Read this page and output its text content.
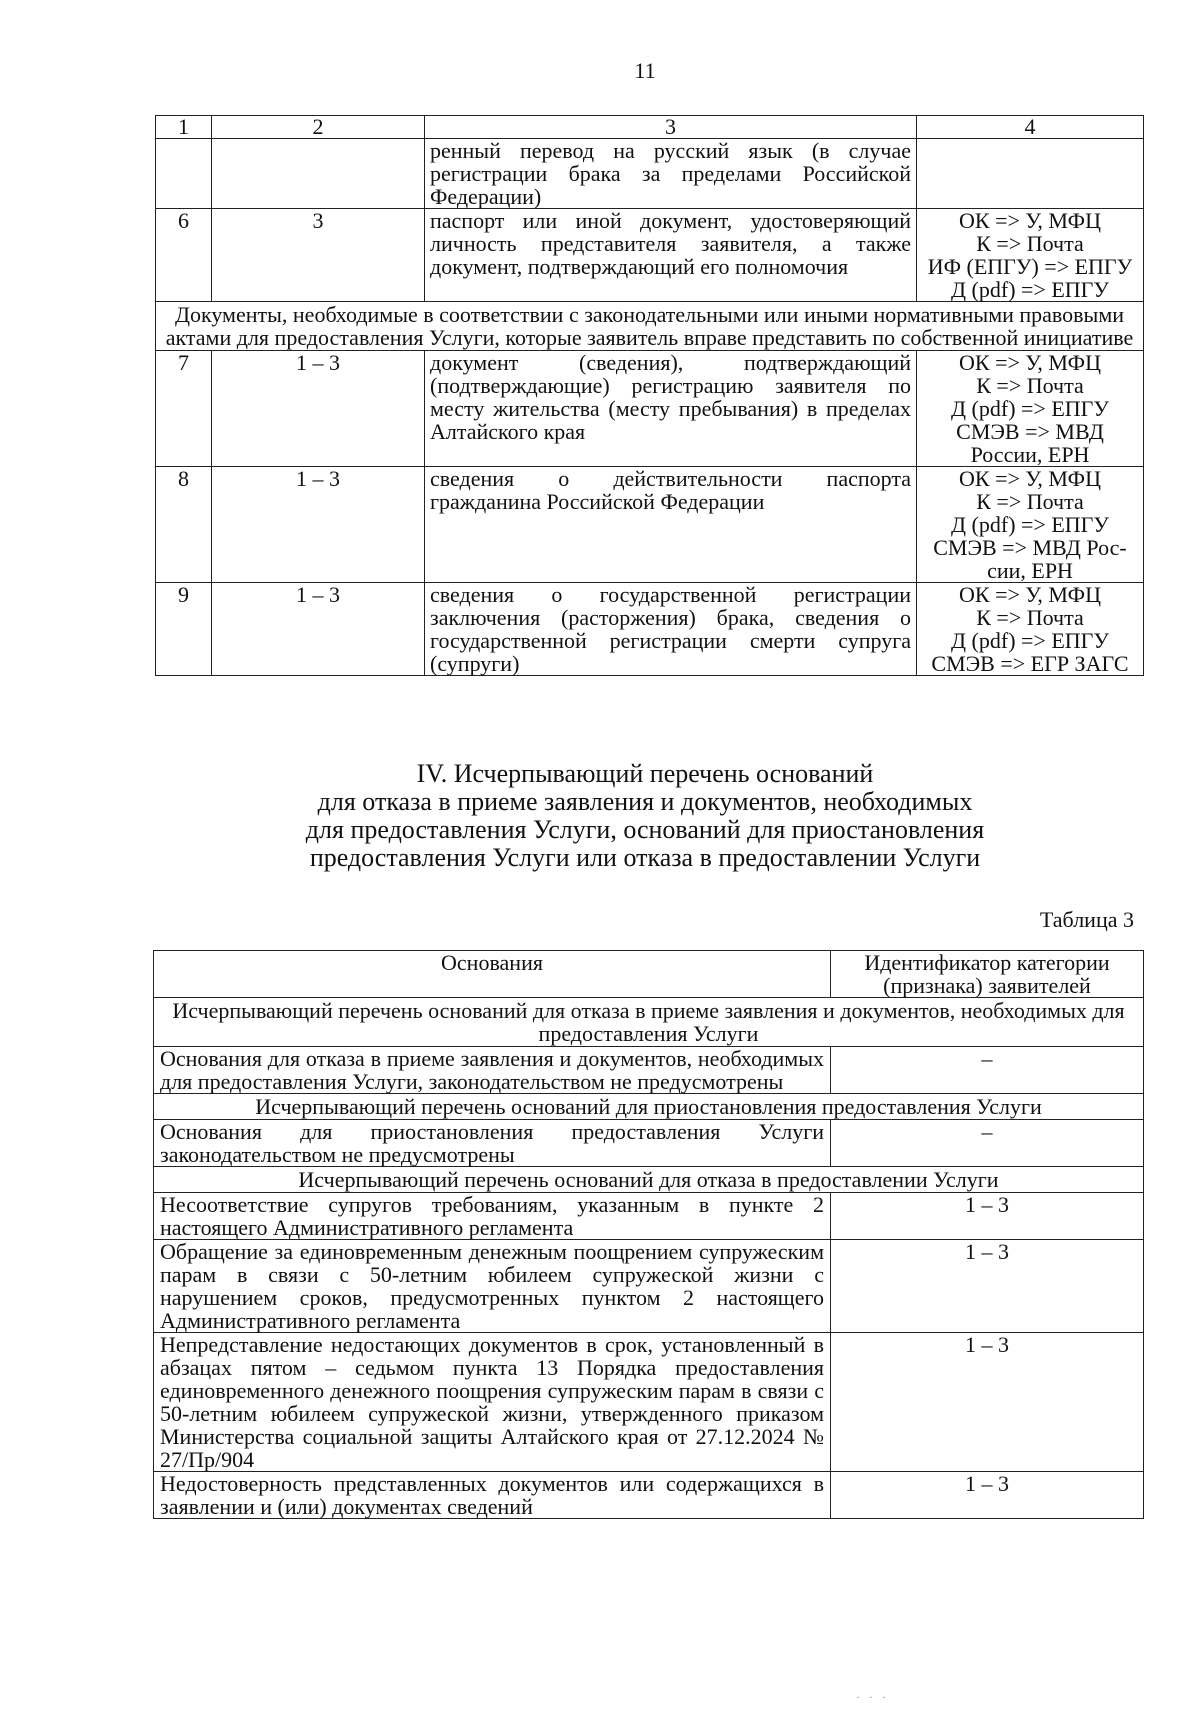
11
1	2	3	4
		ренный перевод на русский язык (в случае регистрации брака за пределами Российской Федерации)	
6	3	паспорт или иной документ, удостоверяющий личность представителя заявителя, а также документ, подтверждающий его полномочия	ОК => У, МФЦ
К => Почта
ИФ (ЕПГУ) => ЕПГУ
Д (pdf) => ЕПГУ

Документы, необходимые в соответствии с законодательными или иными нормативными правовыми актами для предоставления Услуги, которые заявитель вправе представить по собственной инициативе			
7	1 – 3	документ (сведения), подтверждающий (подтверждающие) регистрацию заявителя по месту жительства (месту пребывания) в пределах Алтайского края	ОК => У, МФЦ
К => Почта
Д (pdf) => ЕПГУ
СМЭВ => МВД
России, ЕРН

8	1 – 3	сведения о действительности паспорта гражданина Российской Федерации	ОК => У, МФЦ
К => Почта
Д (pdf) => ЕПГУ
СМЭВ => МВД Рос-
сии, ЕРН

9	1 – 3	сведения о государственной регистрации заключения (расторжения) брака, сведения о государственной регистрации смерти супруга (супруги)	ОК => У, МФЦ
К => Почта
Д (pdf) => ЕПГУ
СМЭВ => ЕГР ЗАГС
IV. Исчерпывающий перечень оснований
для отказа в приеме заявления и документов, необходимых
для предоставления Услуги, оснований для приостановления
предоставления Услуги или отказа в предоставлении Услуги
Таблица 3
Основания	Идентификатор категории (признака) заявителей
Исчерпывающий перечень оснований для отказа в приеме заявления и документов, необходимых для предоставления Услуги	
Основания для отказа в приеме заявления и документов, необходимых для предоставления Услуги, законодательством не предусмотрены	–
Исчерпывающий перечень оснований для приостановления предоставления Услуги	
Основания для приостановления предоставления Услуги законодательством не предусмотрены	–
Исчерпывающий перечень оснований для отказа в предоставлении Услуги	
Несоответствие супругов требованиям, указанным в пункте 2 настоящего Административного регламента	1 – 3
Обращение за единовременным денежным поощрением супружеским парам в связи с 50-летним юбилеем супружеской жизни с нарушением сроков, предусмотренных пунктом 2 настоящего Административного регламента	1 – 3
Непредставление недостающих документов в срок, установленный в абзацах пятом – седьмом пункта 13 Порядка предоставления единовременного денежного поощрения супружеским парам в связи с 50-летним юбилеем супружеской жизни, утвержденного приказом Министерства социальной защиты Алтайского края от 27.12.2024 № 27/Пр/904	1 – 3
Недостоверность представленных документов или содержащихся в заявлении и (или) документах сведений	1 – 3
· · ·
